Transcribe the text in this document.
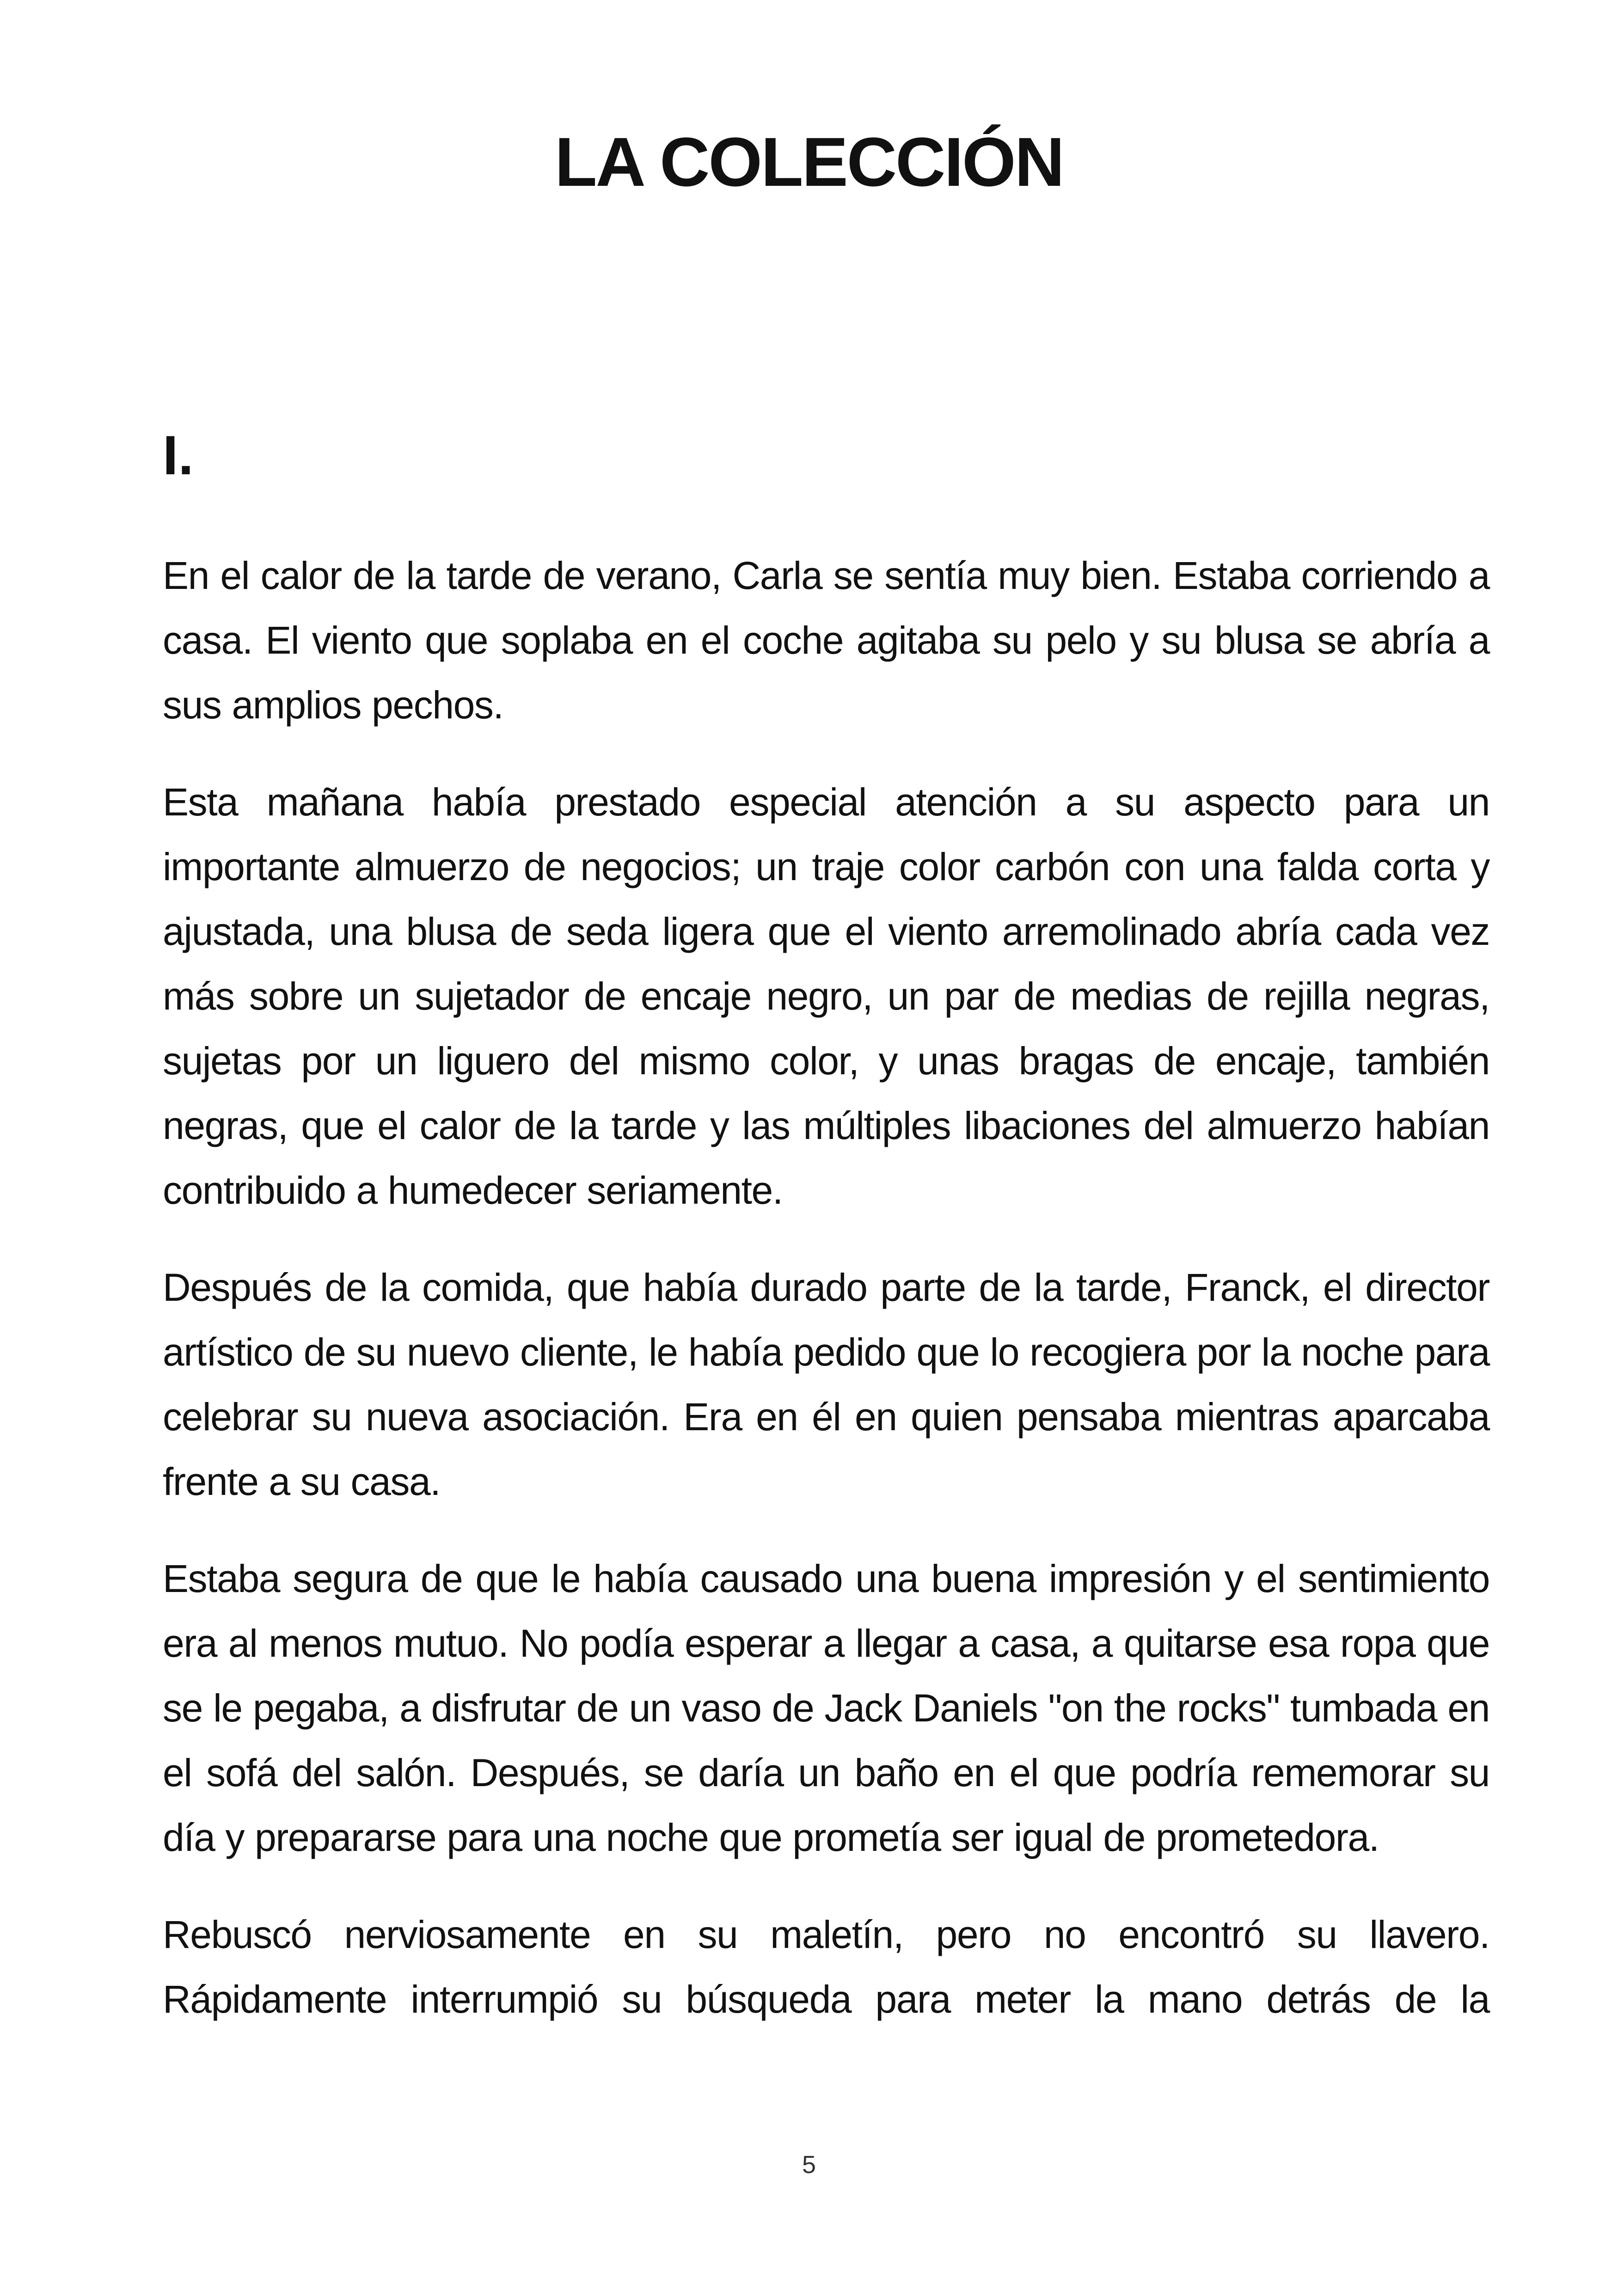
LA COLECCIÓN
I.

En el calor de la tarde de verano, Carla se sentía muy bien. Estaba corriendo a casa. El viento que soplaba en el coche agitaba su pelo y su blusa se abría a sus amplios pechos.

Esta mañana había prestado especial atención a su aspecto para un importante almuerzo de negocios; un traje color carbón con una falda corta y ajustada, una blusa de seda ligera que el viento arremolinado abría cada vez más sobre un sujetador de encaje negro, un par de medias de rejilla negras, sujetas por un liguero del mismo color, y unas bragas de encaje, también negras, que el calor de la tarde y las múltiples libaciones del almuerzo habían contribuido a humedecer seriamente.

Después de la comida, que había durado parte de la tarde, Franck, el director artístico de su nuevo cliente, le había pedido que lo recogiera por la noche para celebrar su nueva asociación. Era en él en quien pensaba mientras aparcaba frente a su casa.

Estaba segura de que le había causado una buena impresión y el sentimiento era al menos mutuo. No podía esperar a llegar a casa, a quitarse esa ropa que se le pegaba, a disfrutar de un vaso de Jack Daniels "on the rocks" tumbada en el sofá del salón. Después, se daría un baño en el que podría rememorar su día y prepararse para una noche que prometía ser igual de prometedora.

Rebuscó nerviosamente en su maletín, pero no encontró su llavero. Rápidamente interrumpió su búsqueda para meter la mano detrás de la

5
